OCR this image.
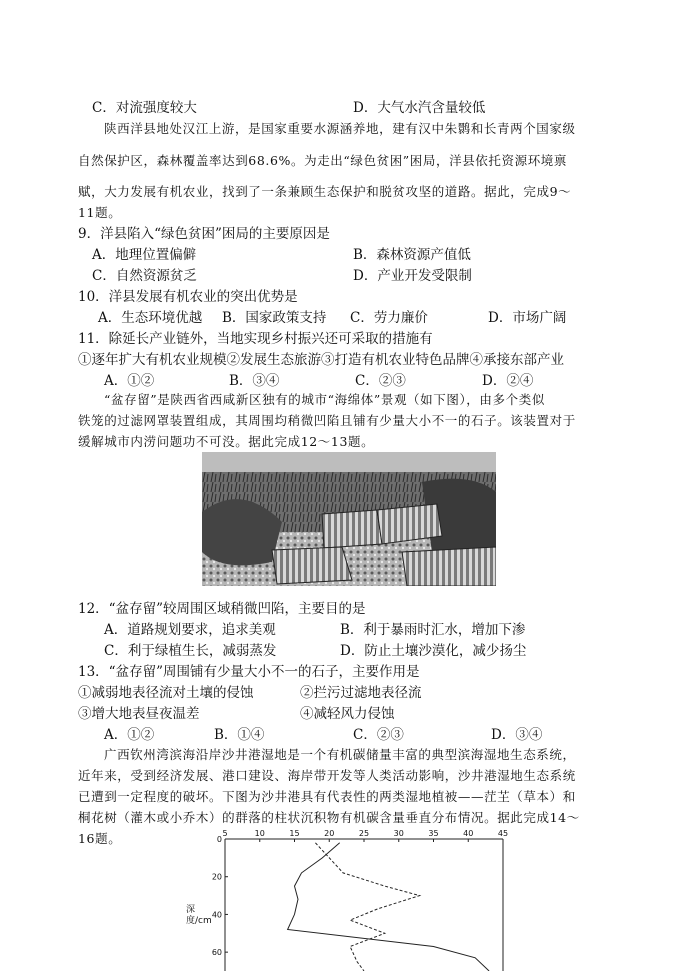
C．对流强度较大	D．大气水汽含量较低
陕西洋县地处汉江上游，是国家重要水源涵养地，建有汉中朱鹮和长青两个国家级
自然保护区，森林覆盖率达到68.6%。为走出“绿色贫困”困局，洋县依托资源环境禀
赋，大力发展有机农业，找到了一条兼顾生态保护和脱贫攻坚的道路。据此，完成9～
11题。
9．洋县陷入“绿色贫困”困局的主要原因是
A．地理位置偏僻	B．森林资源产值低
C．自然资源贫乏	D．产业开发受限制
10．洋县发展有机农业的突出优势是
A．生态环境优越 B．国家政策支持 C．劳力廉价	D．市场广阔
11．除延长产业链外，当地实现乡村振兴还可采取的措施有
①逐年扩大有机农业规模②发展生态旅游③打造有机农业特色品牌④承接东部产业
A．①②	B．③④	C．②③	D．②④
“盆存留”是陕西省西咸新区独有的城市“海绵体”景观（如下图），由多个类似
铁笼的过滤网罩装置组成，其周围均稍微凹陷且铺有少量大小不一的石子。该装置对于
缓解城市内涝问题功不可没。据此完成12～13题。
12．“盆存留”较周围区域稍微凹陷，主要目的是
A．道路规划要求，追求美观	B．利于暴雨时汇水，增加下渗
C．利于绿植生长，减弱蒸发	D．防止土壤沙漠化，减少扬尘
13．“盆存留”周围铺有少量大小不一的石子，主要作用是
①减弱地表径流对土壤的侵蚀	②拦污过滤地表径流
③增大地表昼夜温差	④减轻风力侵蚀
A．①②	B．①④	C．②③	D．③④
广西钦州湾滨海沿岸沙井港湿地是一个有机碳储量丰富的典型滨海湿地生态系统，
近年来，受到经济发展、港口建设、海岸带开发等人类活动影响，沙井港湿地生态系统
已遭到一定程度的破坏。下图为沙井港具有代表性的两类湿地植被——茳芏（草本）和
桐花树（灌木或小乔木）的群落的柱状沉积物有机碳含量垂直分布情况。据此完成14～
16题。	5	10	15	20	25	30	35	40	45
0
20
40
60
深度/cm
